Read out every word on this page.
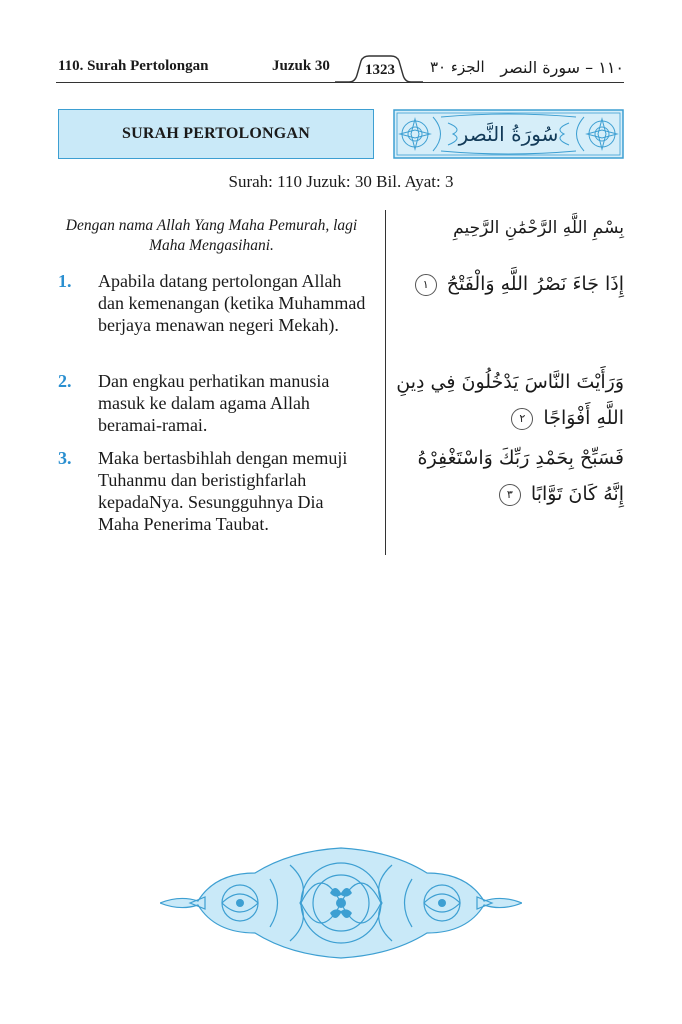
110. Surah Pertolongan	Juzuk 30	1323	الجزء ٣٠ ١١٠ – سورة النصر
SURAH PERTOLONGAN	سُورَةُ النَّصر
Surah: 110 Juzuk: 30 Bil. Ayat: 3
Dengan nama Allah Yang Maha Pemurah, lagi Maha Mengasihani.
1. Apabila datang pertolongan Allah dan kemenangan (ketika Muhammad berjaya menawan negeri Mekah).
2. Dan engkau perhatikan manusia masuk ke dalam agama Allah beramai-ramai.
3. Maka bertasbihlah dengan memuji Tuhanmu dan beristighfarlah kepadaNya. Sesungguhnya Dia Maha Penerima Taubat.
بِسْمِ اللَّهِ الرَّحْمَٰنِ الرَّحِيمِ
إِذَا جَاءَ نَصْرُ اللَّهِ وَالْفَتْحُ ١
وَرَأَيْتَ النَّاسَ يَدْخُلُونَ فِي دِينِ اللَّهِ أَفْوَاجًا ٢
فَسَبِّحْ بِحَمْدِ رَبِّكَ وَاسْتَغْفِرْهُ إِنَّهُ كَانَ تَوَّابًا ٣
